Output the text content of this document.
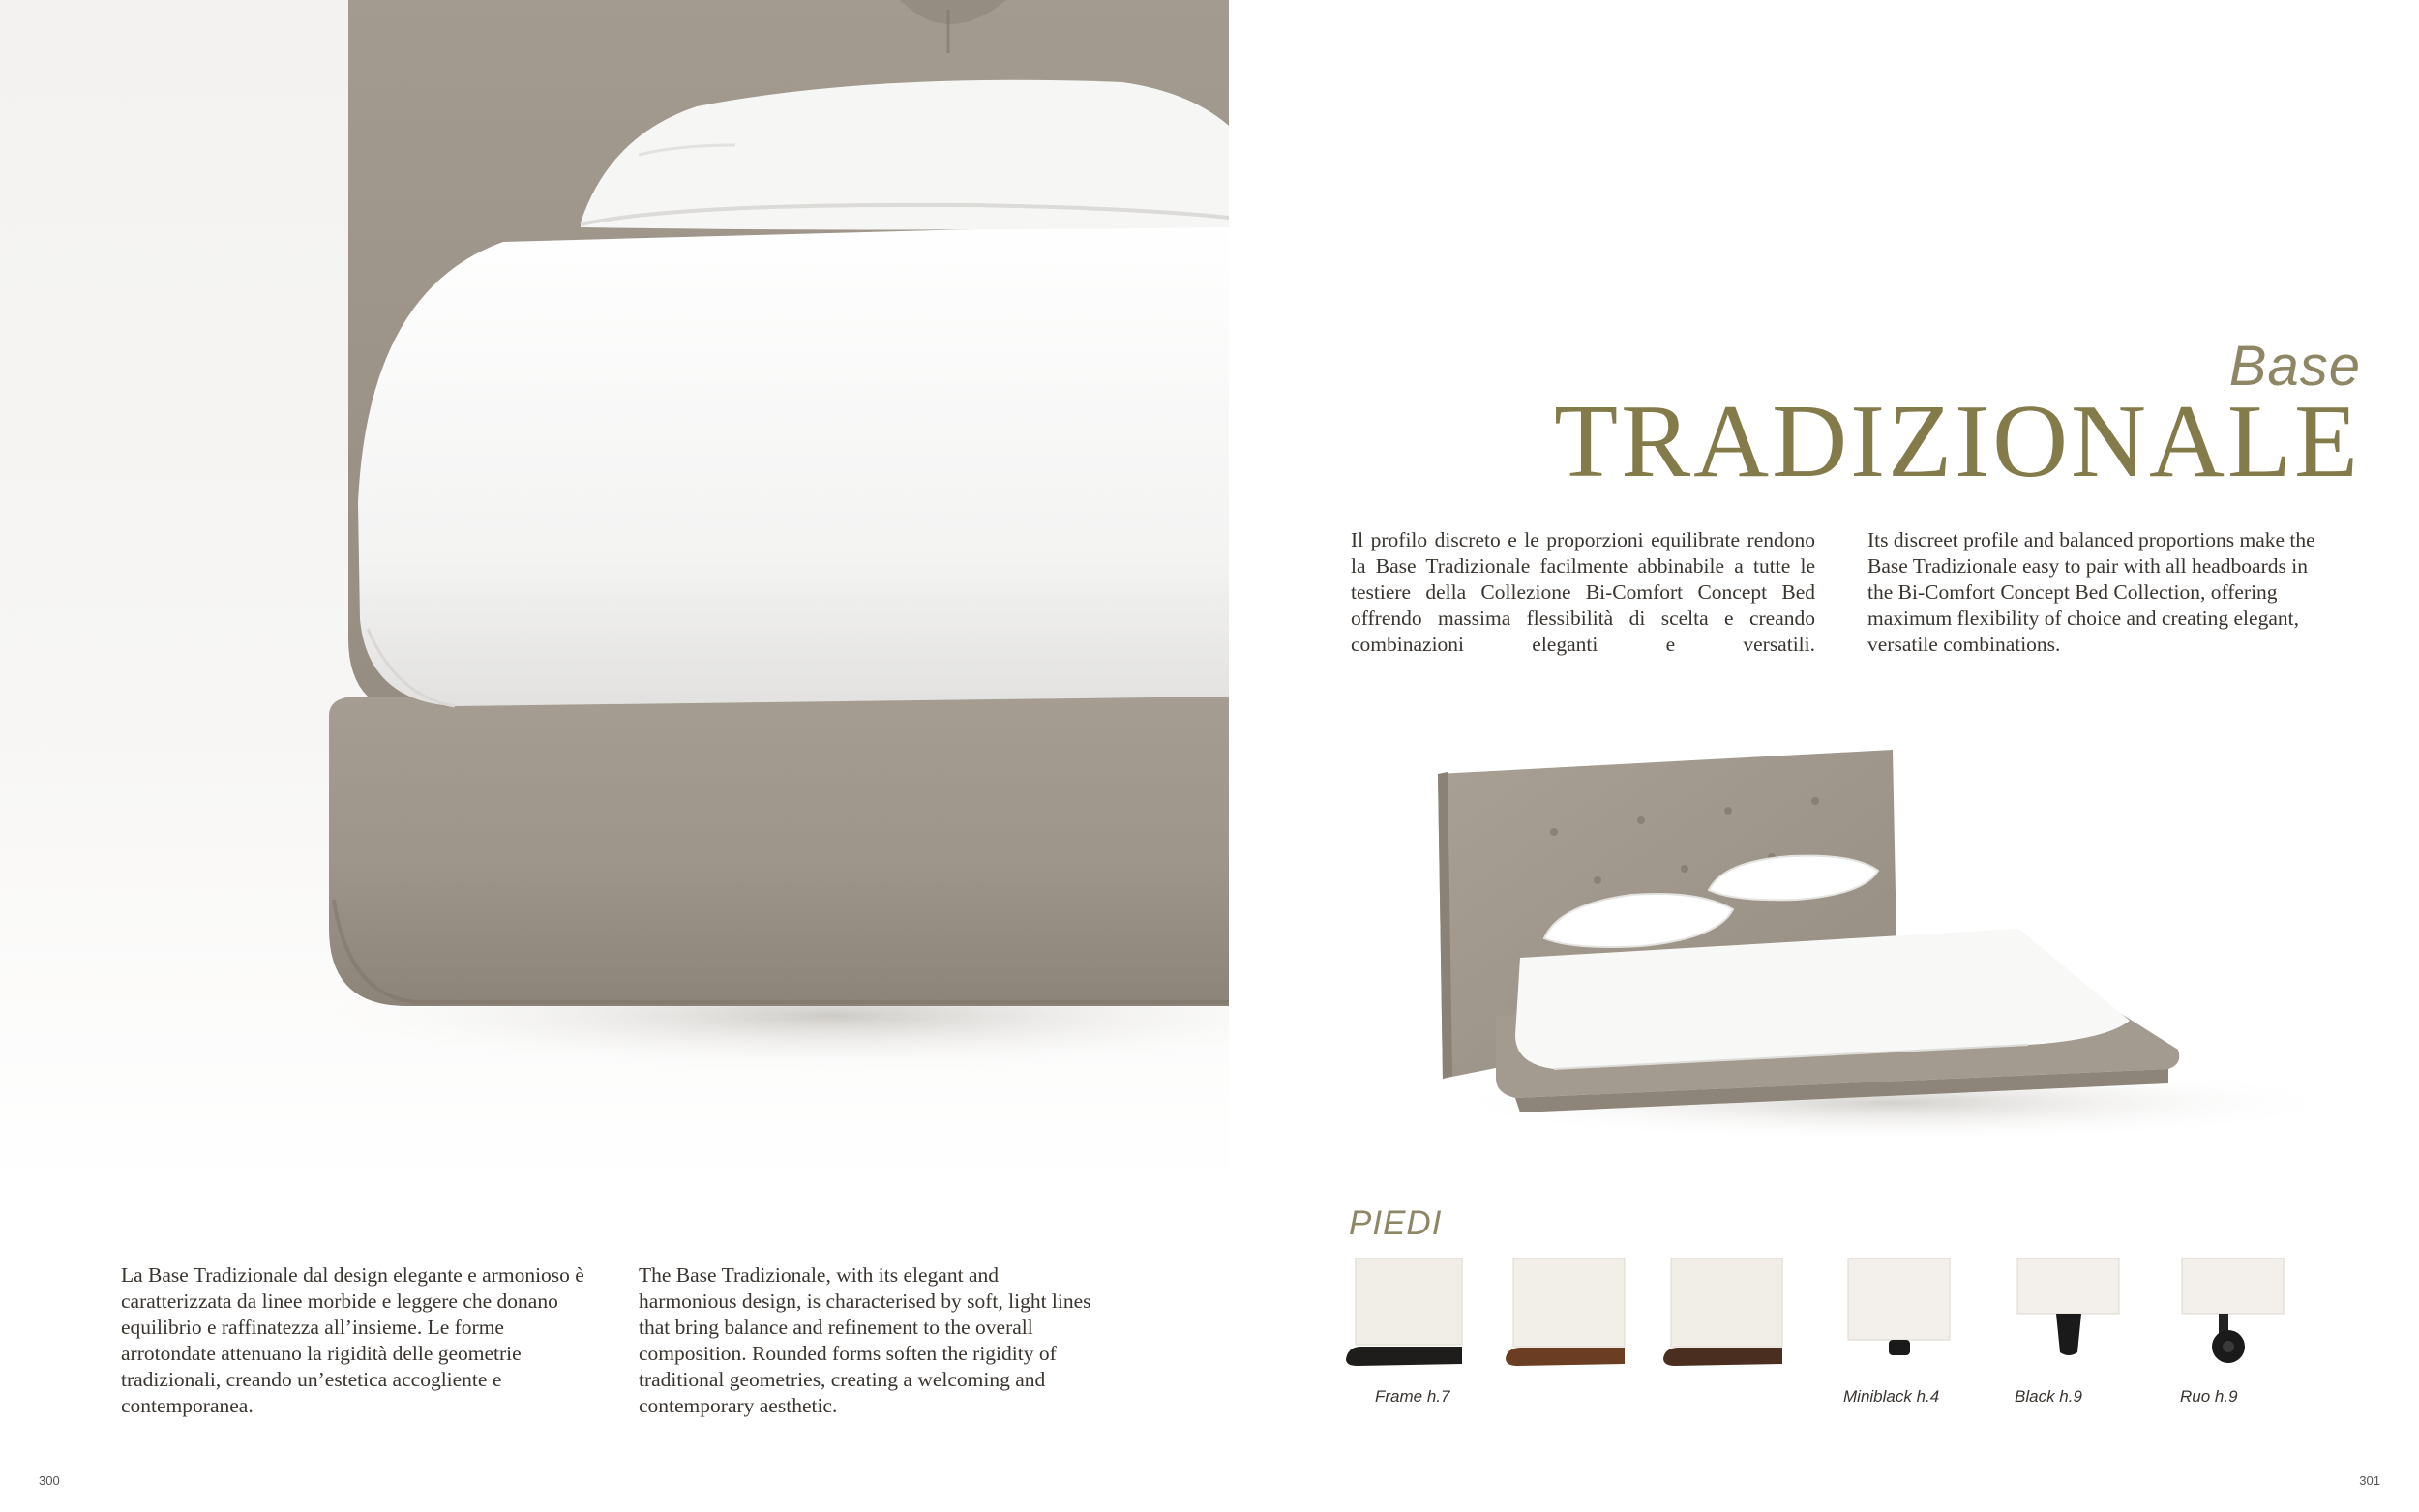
La Base Tradizionale dal design elegante e armonioso è caratterizzata da linee morbide e leggere che donano equilibrio e raffinatezza all’insieme. Le forme arrotondate attenuano la rigidità delle geometrie tradizionali, creando un’estetica accogliente e contemporanea.

The Base Tradizionale, with its elegant and harmonious design, is characterised by soft, light lines that bring balance and refinement to the overall composition. Rounded forms soften the rigidity of traditional geometries, creating a welcoming and contemporary aesthetic.

300
Base
TRADIZIONALE

Il profilo discreto e le proporzioni equilibrate rendono la Base Tradizionale facilmente abbinabile a tutte le testiere della Collezione Bi-Comfort Concept Bed offrendo massima flessibilità di scelta e creando combinazioni eleganti e versatili.

Its discreet profile and balanced proportions make the Base Tradizionale easy to pair with all headboards in the Bi-Comfort Concept Bed Collection, offering maximum flexibility of choice and creating elegant, versatile combinations.

PIEDI
Frame h.7	Miniblack h.4	Black h.9	Ruo h.9
301
